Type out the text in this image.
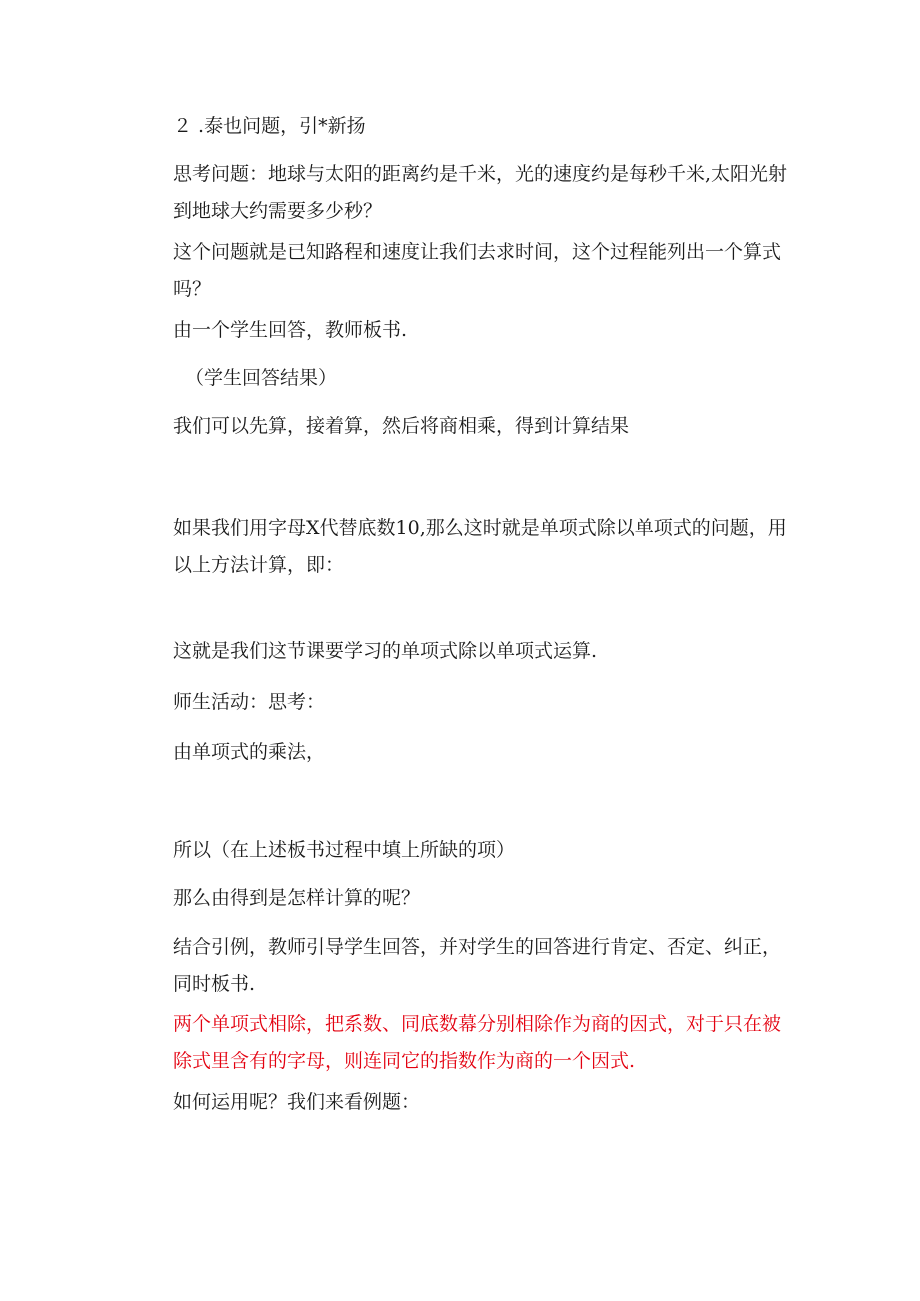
２ .泰也问题，引*新扬
思考问题：地球与太阳的距离约是千米，光的速度约是每秒千米,太阳光射到地球大约需要多少秒？
这个问题就是已知路程和速度让我们去求时间，这个过程能列出一个算式吗？
由一个学生回答，教师板书.
（学生回答结果）
我们可以先算，接着算，然后将商相乘，得到计算结果
如果我们用字母X代替底数10,那么这时就是单项式除以单项式的问题，用以上方法计算，即：
这就是我们这节课要学习的单项式除以单项式运算.
师生活动：思考：
由单项式的乘法，
所以（在上述板书过程中填上所缺的项）
那么由得到是怎样计算的呢？
结合引例，教师引导学生回答，并对学生的回答进行肯定、否定、纠正，同时板书.
两个单项式相除，把系数、同底数幕分别相除作为商的因式，对于只在被除式里含有的字母，则连同它的指数作为商的一个因式.
如何运用呢？我们来看例题：
